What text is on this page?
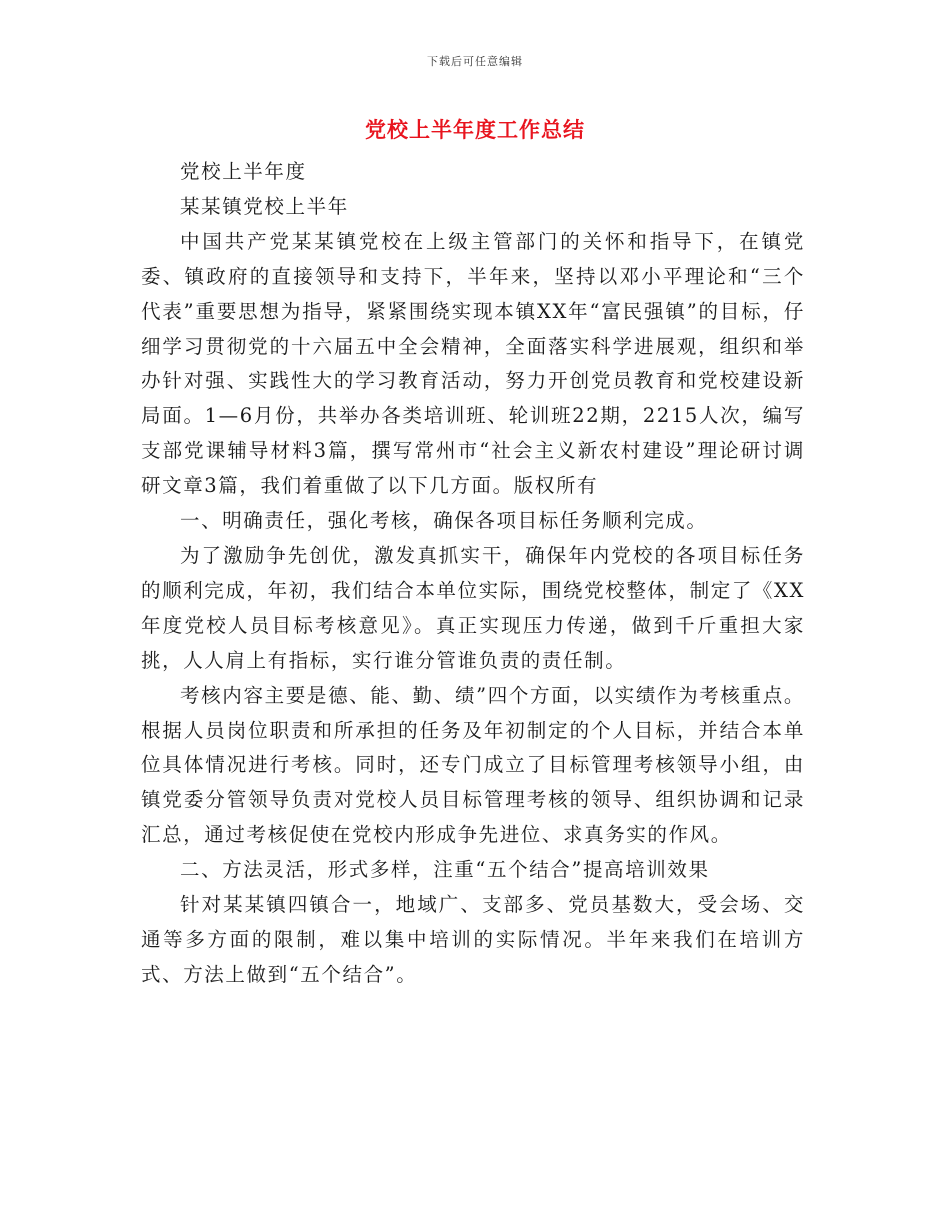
下载后可任意编辑
党校上半年度工作总结

党校上半年度

某某镇党校上半年

中国共产党某某镇党校在上级主管部门的关怀和指导下，在镇党委、镇政府的直接领导和支持下，半年来，坚持以邓小平理论和“三个代表”重要思想为指导，紧紧围绕实现本镇XX年“富民强镇”的目标，仔细学习贯彻党的十六届五中全会精神，全面落实科学进展观，组织和举办针对强、实践性大的学习教育活动，努力开创党员教育和党校建设新局面。1—6月份，共举办各类培训班、轮训班22期，2215人次，编写支部党课辅导材料3篇，撰写常州市“社会主义新农村建设”理论研讨调研文章3篇，我们着重做了以下几方面。版权所有

一、明确责任，强化考核，确保各项目标任务顺利完成。

为了激励争先创优，激发真抓实干，确保年内党校的各项目标任务的顺利完成，年初，我们结合本单位实际，围绕党校整体，制定了《XX年度党校人员目标考核意见》。真正实现压力传递，做到千斤重担大家挑，人人肩上有指标，实行谁分管谁负责的责任制。

考核内容主要是德、能、勤、绩”四个方面，以实绩作为考核重点。根据人员岗位职责和所承担的任务及年初制定的个人目标，并结合本单位具体情况进行考核。同时，还专门成立了目标管理考核领导小组，由镇党委分管领导负责对党校人员目标管理考核的领导、组织协调和记录汇总，通过考核促使在党校内形成争先进位、求真务实的作风。

二、方法灵活，形式多样，注重“五个结合”提高培训效果

针对某某镇四镇合一，地域广、支部多、党员基数大，受会场、交通等多方面的限制，难以集中培训的实际情况。半年来我们在培训方式、方法上做到“五个结合”。
